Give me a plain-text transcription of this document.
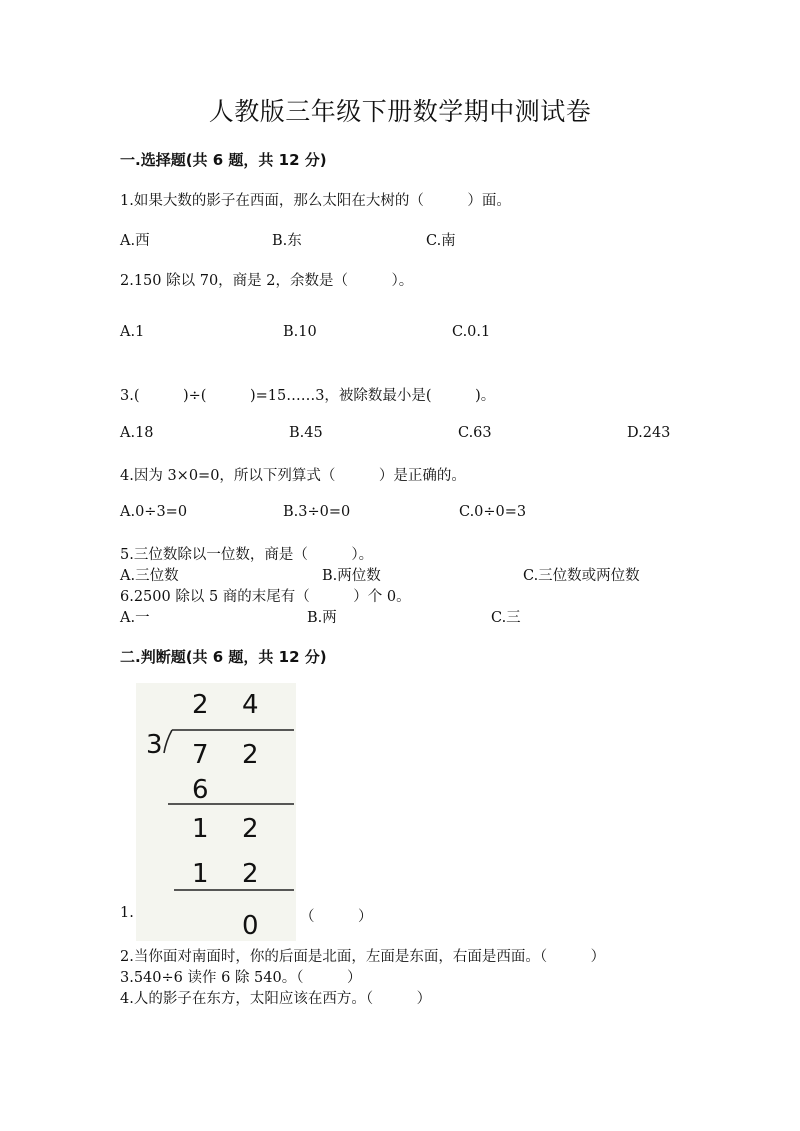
人教版三年级下册数学期中测试卷
一.选择题(共 6 题，共 12 分)
1.如果大数的影子在西面，那么太阳在大树的（　　　）面。
A.西	B.东	C.南
2.150 除以 70，商是 2，余数是（　　　）。
A.1	B.10	C.0.1
3.(　　　)÷(　　　)=15……3，被除数最小是(　　　)。
A.18	B.45	C.63	D.243
4.因为 3×0=0，所以下列算式（　　　）是正确的。
A.0÷3=0	B.3÷0=0	C.0÷0=3
5.三位数除以一位数，商是（　　　）。
A.三位数	B.两位数	C.三位数或两位数
6.2500 除以 5 商的末尾有（　　　）个 0。
A.一	B.两	C.三
二.判断题(共 6 题，共 12 分)
2 4
3 7 2
6
1 2
1 2
0
1.	（　　　）
2.当你面对南面时，你的后面是北面，左面是东面，右面是西面。（　　　）
3.540÷6 读作 6 除 540。（　　　）
4.人的影子在东方，太阳应该在西方。（　　　）
